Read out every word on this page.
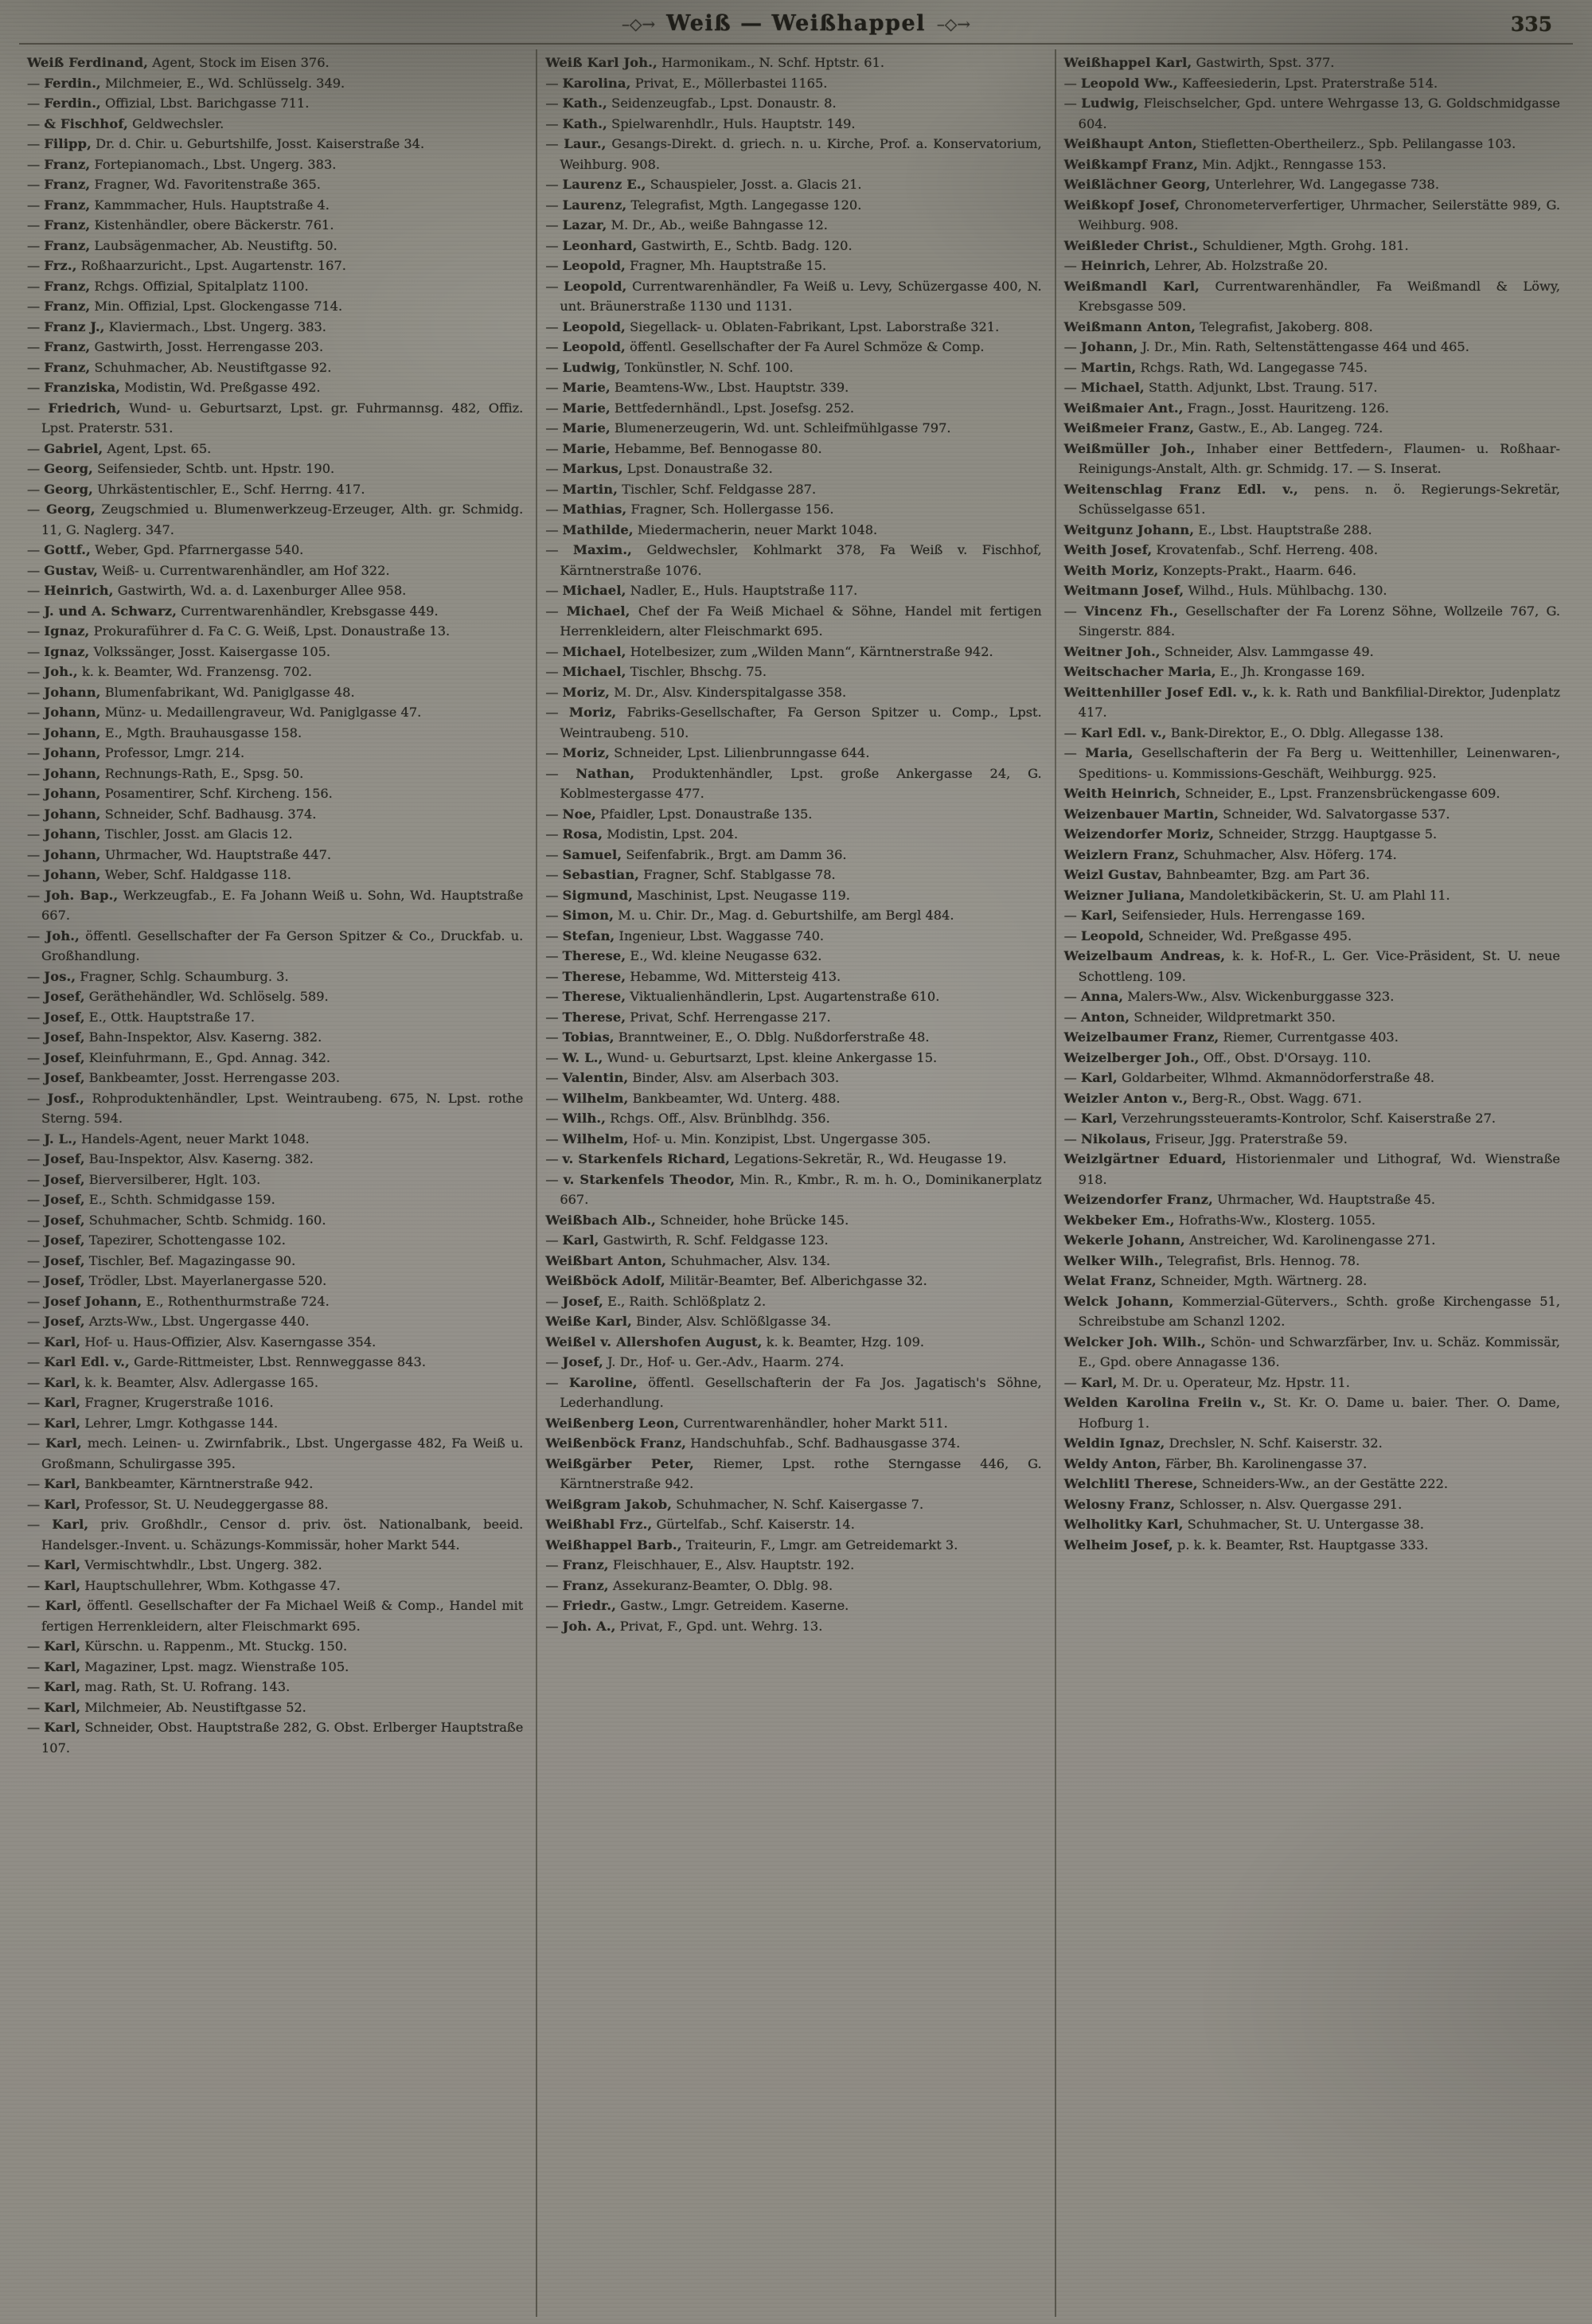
–◇→ Weiß — Weißhappel –◇→	335
Weiß Ferdinand, Agent, Stock im Eisen 376.
— Ferdin., Milchmeier, E., Wd. Schlüsselg. 349.
— Ferdin., Offizial, Lbst. Barichgasse 711.
— & Fischhof, Geldwechsler.
— Filipp, Dr. d. Chir. u. Geburtshilfe, Josst. Kaiserstraße 34.
— Franz, Fortepianomach., Lbst. Ungerg. 383.
— Franz, Fragner, Wd. Favoritenstraße 365.
— Franz, Kammmacher, Huls. Hauptstraße 4.
— Franz, Kistenhändler, obere Bäckerstr. 761.
— Franz, Laubsägenmacher, Ab. Neustiftg. 50.
— Frz., Roßhaarzuricht., Lpst. Augartenstr. 167.
— Franz, Rchgs. Offizial, Spitalplatz 1100.
— Franz, Min. Offizial, Lpst. Glockengasse 714.
— Franz J., Klaviermach., Lbst. Ungerg. 383.
— Franz, Gastwirth, Josst. Herrengasse 203.
— Franz, Schuhmacher, Ab. Neustiftgasse 92.
— Franziska, Modistin, Wd. Preßgasse 492.
— Friedrich, Wund- u. Geburtsarzt, Lpst. gr. Fuhrmannsg. 482, Offiz. Lpst. Praterstr. 531.
— Gabriel, Agent, Lpst. 65.
— Georg, Seifensieder, Schtb. unt. Hpstr. 190.
— Georg, Uhrkästentischler, E., Schf. Herrng. 417.
— Georg, Zeugschmied u. Blumenwerkzeug-Erzeuger, Alth. gr. Schmidg. 11, G. Naglerg. 347.
— Gottf., Weber, Gpd. Pfarrnergasse 540.
— Gustav, Weiß- u. Currentwarenhändler, am Hof 322.
— Heinrich, Gastwirth, Wd. a. d. Laxenburger Allee 958.
— J. und A. Schwarz, Currentwarenhändler, Krebsgasse 449.
— Ignaz, Prokuraführer d. Fa C. G. Weiß, Lpst. Donaustraße 13.
— Ignaz, Volkssänger, Josst. Kaisergasse 105.
— Joh., k. k. Beamter, Wd. Franzensg. 702.
— Johann, Blumenfabrikant, Wd. Paniglgasse 48.
— Johann, Münz- u. Medaillengraveur, Wd. Paniglgasse 47.
— Johann, E., Mgth. Brauhausgasse 158.
— Johann, Professor, Lmgr. 214.
— Johann, Rechnungs-Rath, E., Spsg. 50.
— Johann, Posamentirer, Schf. Kircheng. 156.
— Johann, Schneider, Schf. Badhausg. 374.
— Johann, Tischler, Josst. am Glacis 12.
— Johann, Uhrmacher, Wd. Hauptstraße 447.
— Johann, Weber, Schf. Haldgasse 118.
— Joh. Bap., Werkzeugfab., E. Fa Johann Weiß u. Sohn, Wd. Hauptstraße 667.
— Joh., öffentl. Gesellschafter der Fa Gerson Spitzer & Co., Druckfab. u. Großhandlung.
— Jos., Fragner, Schlg. Schaumburg. 3.
— Josef, Geräthehändler, Wd. Schlöselg. 589.
— Josef, E., Ottk. Hauptstraße 17.
— Josef, Bahn-Inspektor, Alsv. Kaserng. 382.
— Josef, Kleinfuhrmann, E., Gpd. Annag. 342.
— Josef, Bankbeamter, Josst. Herrengasse 203.
— Josf., Rohproduktenhändler, Lpst. Weintraubeng. 675, N. Lpst. rothe Sterng. 594.
— J. L., Handels-Agent, neuer Markt 1048.
— Josef, Bau-Inspektor, Alsv. Kaserng. 382.
— Josef, Bierversilberer, Hglt. 103.
— Josef, E., Schth. Schmidgasse 159.
— Josef, Schuhmacher, Schtb. Schmidg. 160.
— Josef, Tapezirer, Schottengasse 102.
— Josef, Tischler, Bef. Magazingasse 90.
— Josef, Trödler, Lbst. Mayerlanergasse 520.
— Josef Johann, E., Rothenthurmstraße 724.
— Josef, Arzts-Ww., Lbst. Ungergasse 440.
— Karl, Hof- u. Haus-Offizier, Alsv. Kaserngasse 354.
— Karl Edl. v., Garde-Rittmeister, Lbst. Rennweggasse 843.
— Karl, k. k. Beamter, Alsv. Adlergasse 165.
— Karl, Fragner, Krugerstraße 1016.
— Karl, Lehrer, Lmgr. Kothgasse 144.
— Karl, mech. Leinen- u. Zwirnfabrik., Lbst. Ungergasse 482, Fa Weiß u. Großmann, Schulirgasse 395.
— Karl, Bankbeamter, Kärntnerstraße 942.
— Karl, Professor, St. U. Neudeggergasse 88.
— Karl, priv. Großhdlr., Censor d. priv. öst. Nationalbank, beeid. Handelsger.-Invent. u. Schäzungs-Kommissär, hoher Markt 544.
— Karl, Vermischtwhdlr., Lbst. Ungerg. 382.
— Karl, Hauptschullehrer, Wbm. Kothgasse 47.
— Karl, öffentl. Gesellschafter der Fa Michael Weiß & Comp., Handel mit fertigen Herrenkleidern, alter Fleischmarkt 695.
— Karl, Kürschn. u. Rappenm., Mt. Stuckg. 150.
— Karl, Magaziner, Lpst. magz. Wienstraße 105.
— Karl, mag. Rath, St. U. Rofrang. 143.
— Karl, Milchmeier, Ab. Neustiftgasse 52.
— Karl, Schneider, Obst. Hauptstraße 282, G. Obst. Erlberger Hauptstraße 107.
Weiß Karl Joh., Harmonikam., N. Schf. Hptstr. 61.
— Karolina, Privat, E., Möllerbastei 1165.
— Kath., Seidenzeugfab., Lpst. Donaustr. 8.
— Kath., Spielwarenhdlr., Huls. Hauptstr. 149.
— Laur., Gesangs-Direkt. d. griech. n. u. Kirche, Prof. a. Konservatorium, Weihburg. 908.
— Laurenz E., Schauspieler, Josst. a. Glacis 21.
— Laurenz, Telegrafist, Mgth. Langegasse 120.
— Lazar, M. Dr., Ab., weiße Bahngasse 12.
— Leonhard, Gastwirth, E., Schtb. Badg. 120.
— Leopold, Fragner, Mh. Hauptstraße 15.
— Leopold, Currentwarenhändler, Fa Weiß u. Levy, Schüzergasse 400, N. unt. Bräunerstraße 1130 und 1131.
— Leopold, Siegellack- u. Oblaten-Fabrikant, Lpst. Laborstraße 321.
— Leopold, öffentl. Gesellschafter der Fa Aurel Schmöze & Comp.
— Ludwig, Tonkünstler, N. Schf. 100.
— Marie, Beamtens-Ww., Lbst. Hauptstr. 339.
— Marie, Bettfedernhändl., Lpst. Josefsg. 252.
— Marie, Blumenerzeugerin, Wd. unt. Schleifmühlgasse 797.
— Marie, Hebamme, Bef. Bennogasse 80.
— Markus, Lpst. Donaustraße 32.
— Martin, Tischler, Schf. Feldgasse 287.
— Mathias, Fragner, Sch. Hollergasse 156.
— Mathilde, Miedermacherin, neuer Markt 1048.
— Maxim., Geldwechsler, Kohlmarkt 378, Fa Weiß v. Fischhof, Kärntnerstraße 1076.
— Michael, Nadler, E., Huls. Hauptstraße 117.
— Michael, Chef der Fa Weiß Michael & Söhne, Handel mit fertigen Herrenkleidern, alter Fleischmarkt 695.
— Michael, Hotelbesizer, zum „Wilden Mann“, Kärntnerstraße 942.
— Michael, Tischler, Bhschg. 75.
— Moriz, M. Dr., Alsv. Kinderspitalgasse 358.
— Moriz, Fabriks-Gesellschafter, Fa Gerson Spitzer u. Comp., Lpst. Weintraubeng. 510.
— Moriz, Schneider, Lpst. Lilienbrunngasse 644.
— Nathan, Produktenhändler, Lpst. große Ankergasse 24, G. Koblmestergasse 477.
— Noe, Pfaidler, Lpst. Donaustraße 135.
— Rosa, Modistin, Lpst. 204.
— Samuel, Seifenfabrik., Brgt. am Damm 36.
— Sebastian, Fragner, Schf. Stablgasse 78.
— Sigmund, Maschinist, Lpst. Neugasse 119.
— Simon, M. u. Chir. Dr., Mag. d. Geburtshilfe, am Bergl 484.
— Stefan, Ingenieur, Lbst. Waggasse 740.
— Therese, E., Wd. kleine Neugasse 632.
— Therese, Hebamme, Wd. Mittersteig 413.
— Therese, Viktualienhändlerin, Lpst. Augartenstraße 610.
— Therese, Privat, Schf. Herrengasse 217.
— Tobias, Branntweiner, E., O. Dblg. Nußdorferstraße 48.
— W. L., Wund- u. Geburtsarzt, Lpst. kleine Ankergasse 15.
— Valentin, Binder, Alsv. am Alserbach 303.
— Wilhelm, Bankbeamter, Wd. Unterg. 488.
— Wilh., Rchgs. Off., Alsv. Brünblhdg. 356.
— Wilhelm, Hof- u. Min. Konzipist, Lbst. Ungergasse 305.
— v. Starkenfels Richard, Legations-Sekretär, R., Wd. Heugasse 19.
— v. Starkenfels Theodor, Min. R., Kmbr., R. m. h. O., Dominikanerplatz 667.
Weißbach Alb., Schneider, hohe Brücke 145.
— Karl, Gastwirth, R. Schf. Feldgasse 123.
Weißbart Anton, Schuhmacher, Alsv. 134.
Weißböck Adolf, Militär-Beamter, Bef. Alberichgasse 32.
— Josef, E., Raith. Schlößplatz 2.
Weiße Karl, Binder, Alsv. Schlößlgasse 34.
Weißel v. Allershofen August, k. k. Beamter, Hzg. 109.
— Josef, J. Dr., Hof- u. Ger.-Adv., Haarm. 274.
— Karoline, öffentl. Gesellschafterin der Fa Jos. Jagatisch's Söhne, Lederhandlung.
Weißenberg Leon, Currentwarenhändler, hoher Markt 511.
Weißenböck Franz, Handschuhfab., Schf. Badhausgasse 374.
Weißgärber Peter, Riemer, Lpst. rothe Sterngasse 446, G. Kärntnerstraße 942.
Weißgram Jakob, Schuhmacher, N. Schf. Kaisergasse 7.
Weißhabl Frz., Gürtelfab., Schf. Kaiserstr. 14.
Weißhappel Barb., Traiteurin, F., Lmgr. am Getreidemarkt 3.
— Franz, Fleischhauer, E., Alsv. Hauptstr. 192.
— Franz, Assekuranz-Beamter, O. Dblg. 98.
— Friedr., Gastw., Lmgr. Getreidem. Kaserne.
— Joh. A., Privat, F., Gpd. unt. Wehrg. 13.
Weißhappel Karl, Gastwirth, Spst. 377.
— Leopold Ww., Kaffeesiederin, Lpst. Praterstraße 514.
— Ludwig, Fleischselcher, Gpd. untere Wehrgasse 13, G. Goldschmidgasse 604.
Weißhaupt Anton, Stiefletten-Obertheilerz., Spb. Pelilangasse 103.
Weißkampf Franz, Min. Adjkt., Renngasse 153.
Weißlächner Georg, Unterlehrer, Wd. Langegasse 738.
Weißkopf Josef, Chronometerverfertiger, Uhrmacher, Seilerstätte 989, G. Weihburg. 908.
Weißleder Christ., Schuldiener, Mgth. Grohg. 181.
— Heinrich, Lehrer, Ab. Holzstraße 20.
Weißmandl Karl, Currentwarenhändler, Fa Weißmandl & Löwy, Krebsgasse 509.
Weißmann Anton, Telegrafist, Jakoberg. 808.
— Johann, J. Dr., Min. Rath, Seltenstättengasse 464 und 465.
— Martin, Rchgs. Rath, Wd. Langegasse 745.
— Michael, Statth. Adjunkt, Lbst. Traung. 517.
Weißmaier Ant., Fragn., Josst. Hauritzeng. 126.
Weißmeier Franz, Gastw., E., Ab. Langeg. 724.
Weißmüller Joh., Inhaber einer Bettfedern-, Flaumen- u. Roßhaar-Reinigungs-Anstalt, Alth. gr. Schmidg. 17. — S. Inserat.
Weitenschlag Franz Edl. v., pens. n. ö. Regierungs-Sekretär, Schüsselgasse 651.
Weitgunz Johann, E., Lbst. Hauptstraße 288.
Weith Josef, Krovatenfab., Schf. Herreng. 408.
Weith Moriz, Konzepts-Prakt., Haarm. 646.
Weitmann Josef, Wilhd., Huls. Mühlbachg. 130.
— Vincenz Fh., Gesellschafter der Fa Lorenz Söhne, Wollzeile 767, G. Singerstr. 884.
Weitner Joh., Schneider, Alsv. Lammgasse 49.
Weitschacher Maria, E., Jh. Krongasse 169.
Weittenhiller Josef Edl. v., k. k. Rath und Bankfilial-Direktor, Judenplatz 417.
— Karl Edl. v., Bank-Direktor, E., O. Dblg. Allegasse 138.
— Maria, Gesellschafterin der Fa Berg u. Weittenhiller, Leinenwaren-, Speditions- u. Kommissions-Geschäft, Weihburgg. 925.
Weith Heinrich, Schneider, E., Lpst. Franzensbrückengasse 609.
Weizenbauer Martin, Schneider, Wd. Salvatorgasse 537.
Weizendorfer Moriz, Schneider, Strzgg. Hauptgasse 5.
Weizlern Franz, Schuhmacher, Alsv. Höferg. 174.
Weizl Gustav, Bahnbeamter, Bzg. am Part 36.
Weizner Juliana, Mandoletkibäckerin, St. U. am Plahl 11.
— Karl, Seifensieder, Huls. Herrengasse 169.
— Leopold, Schneider, Wd. Preßgasse 495.
Weizelbaum Andreas, k. k. Hof-R., L. Ger. Vice-Präsident, St. U. neue Schottleng. 109.
— Anna, Malers-Ww., Alsv. Wickenburggasse 323.
— Anton, Schneider, Wildpretmarkt 350.
Weizelbaumer Franz, Riemer, Currentgasse 403.
Weizelberger Joh., Off., Obst. D'Orsayg. 110.
— Karl, Goldarbeiter, Wlhmd. Akmannödorferstraße 48.
Weizler Anton v., Berg-R., Obst. Wagg. 671.
— Karl, Verzehrungssteueramts-Kontrolor, Schf. Kaiserstraße 27.
— Nikolaus, Friseur, Jgg. Praterstraße 59.
Weizlgärtner Eduard, Historienmaler und Lithograf, Wd. Wienstraße 918.
Weizendorfer Franz, Uhrmacher, Wd. Hauptstraße 45.
Wekbeker Em., Hofraths-Ww., Klosterg. 1055.
Wekerle Johann, Anstreicher, Wd. Karolinengasse 271.
Welker Wilh., Telegrafist, Brls. Hennog. 78.
Welat Franz, Schneider, Mgth. Wärtnerg. 28.
Welck Johann, Kommerzial-Gütervers., Schth. große Kirchengasse 51, Schreibstube am Schanzl 1202.
Welcker Joh. Wilh., Schön- und Schwarzfärber, Inv. u. Schäz. Kommissär, E., Gpd. obere Annagasse 136.
— Karl, M. Dr. u. Operateur, Mz. Hpstr. 11.
Welden Karolina Freiin v., St. Kr. O. Dame u. baier. Ther. O. Dame, Hofburg 1.
Weldin Ignaz, Drechsler, N. Schf. Kaiserstr. 32.
Weldy Anton, Färber, Bh. Karolinengasse 37.
Welchlitl Therese, Schneiders-Ww., an der Gestätte 222.
Welosny Franz, Schlosser, n. Alsv. Quergasse 291.
Welholitky Karl, Schuhmacher, St. U. Untergasse 38.
Welheim Josef, p. k. k. Beamter, Rst. Hauptgasse 333.
